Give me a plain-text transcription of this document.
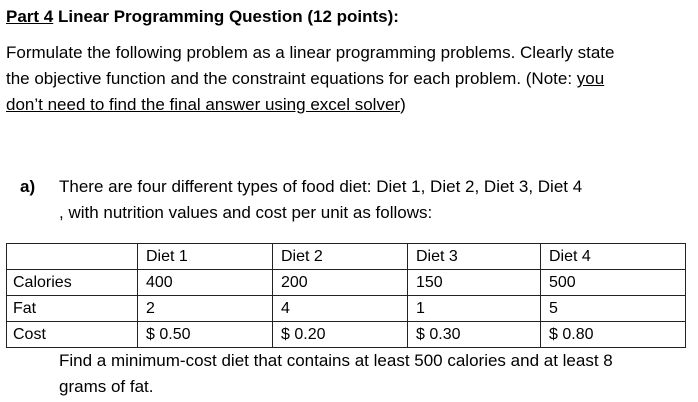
Part 4 Linear Programming Question (12 points):
Formulate the following problem as a linear programming problems. Clearly state
the objective function and the constraint equations for each problem. (Note: you
don’t need to find the final answer using excel solver)
a) There are four different types of food diet: Diet 1, Diet 2, Diet 3, Diet 4
, with nutrition values and cost per unit as follows:
	Diet 1	Diet 2	Diet 3	Diet 4
Calories	400	200	150	500
Fat	2	4	1	5
Cost	$ 0.50	$ 0.20	$ 0.30	$ 0.80
Find a minimum-cost diet that contains at least 500 calories and at least 8
grams of fat.
